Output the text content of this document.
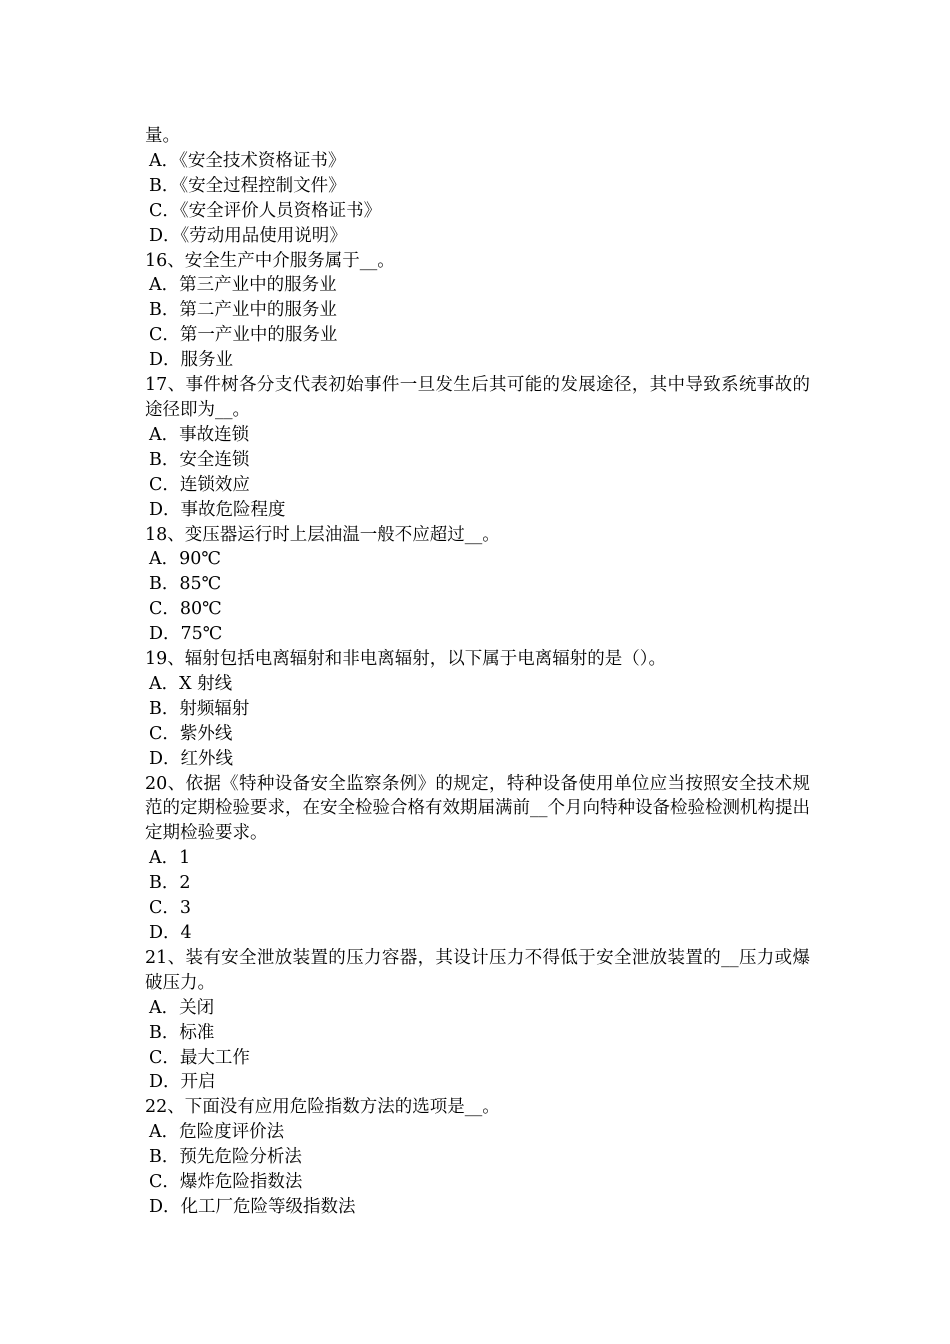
量。
A．《安全技术资格证书》
B．《安全过程控制文件》
C．《安全评价人员资格证书》
D．《劳动用品使用说明》
16、安全生产中介服务属于__。
A．第三产业中的服务业
B．第二产业中的服务业
C．第一产业中的服务业
D．服务业
17、事件树各分支代表初始事件一旦发生后其可能的发展途径，其中导致系统事故的途径即为__。
A．事故连锁
B．安全连锁
C．连锁效应
D．事故危险程度
18、变压器运行时上层油温一般不应超过__。
A．90℃
B．85℃
C．80℃
D．75℃
19、辐射包括电离辐射和非电离辐射，以下属于电离辐射的是（）。
A．X 射线
B．射频辐射
C．紫外线
D．红外线
20、依据《特种设备安全监察条例》的规定，特种设备使用单位应当按照安全技术规范的定期检验要求，在安全检验合格有效期届满前__个月向特种设备检验检测机构提出定期检验要求。
A．1
B．2
C．3
D．4
21、装有安全泄放装置的压力容器，其设计压力不得低于安全泄放装置的__压力或爆破压力。
A．关闭
B．标准
C．最大工作
D．开启
22、下面没有应用危险指数方法的选项是__。
A．危险度评价法
B．预先危险分析法
C．爆炸危险指数法
D．化工厂危险等级指数法
